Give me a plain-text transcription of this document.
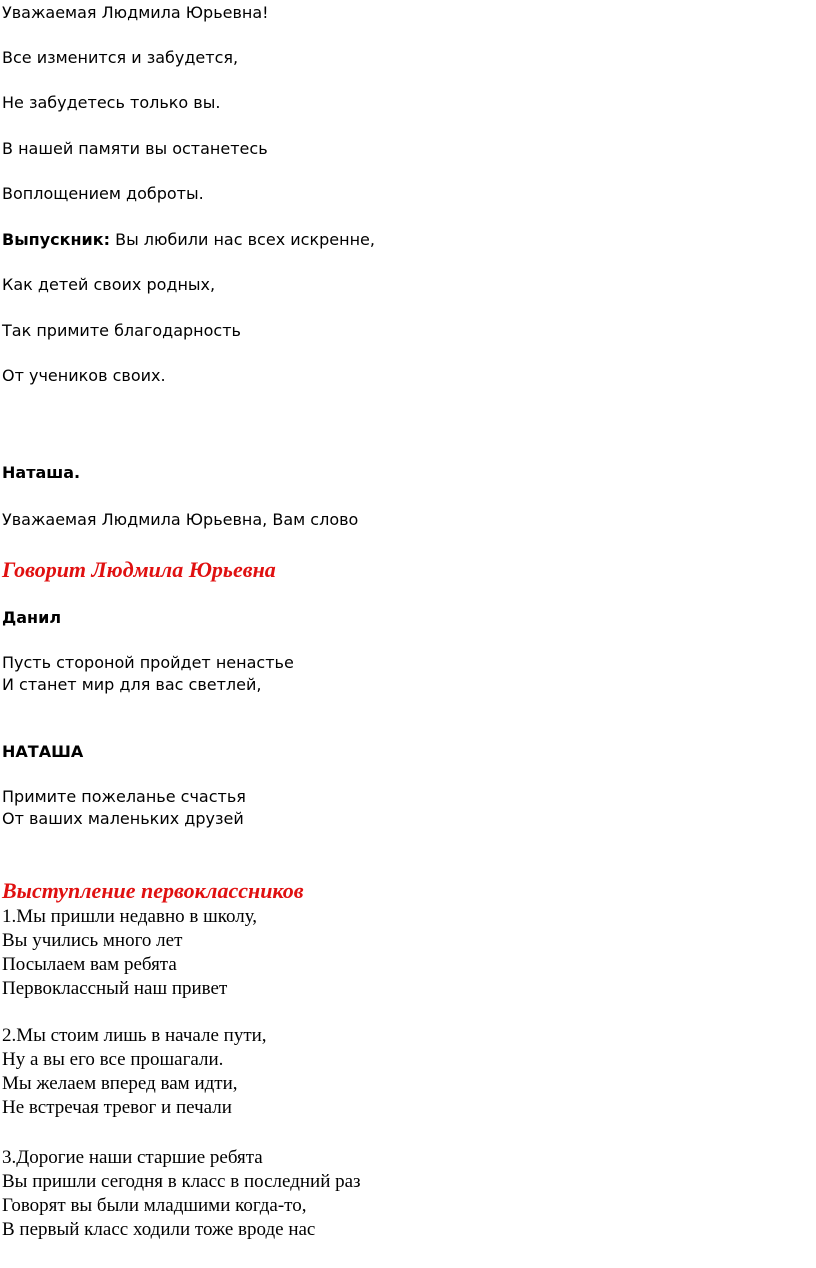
Уважаемая Людмила Юрьевна!

Все изменится и забудется,

Не забудетесь только вы.

В нашей памяти вы останетесь

Воплощением доброты.

Выпускник: Вы любили нас всех искренне,

Как детей своих родных,

Так примите благодарность

От учеников своих.

Наташа.

Уважаемая Людмила Юрьевна, Вам слово

Говорит Людмила Юрьевна

Данил

Пусть стороной пройдет ненастье

И станет мир для вас светлей,

НАТАША

Примите пожеланье счастья

От ваших маленьких друзей

Выступление первоклассников

1.Мы пришли недавно в школу,

Вы учились много лет

Посылаем вам ребята

Первоклассный наш привет

2.Мы стоим лишь в начале пути,

Ну а вы его все прошагали.

Мы желаем вперед вам идти,

Не встречая тревог и печали

3.Дорогие наши старшие ребята

Вы пришли сегодня в класс в последний раз

Говорят вы были младшими когда-то,

В первый класс ходили тоже вроде нас
